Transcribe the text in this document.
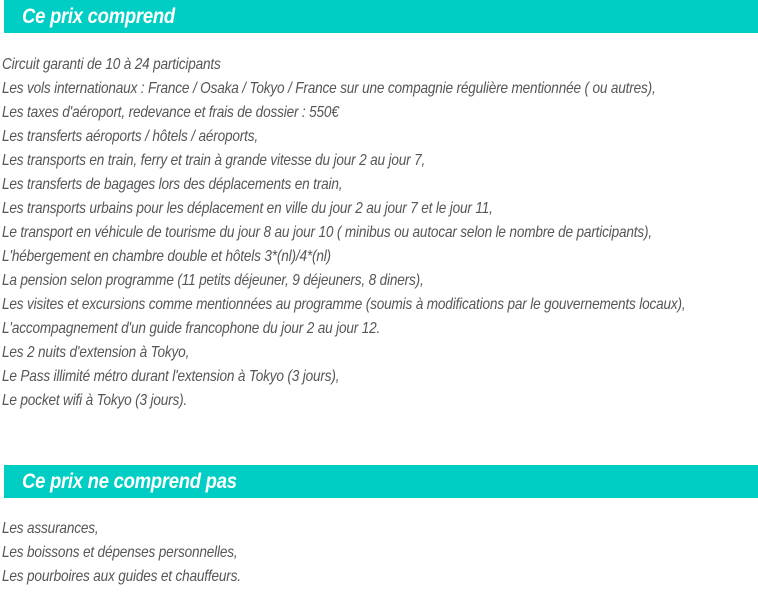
Ce prix comprend
Circuit garanti de 10 à 24 participants
Les vols internationaux : France / Osaka / Tokyo / France sur une compagnie régulière mentionnée ( ou autres),
Les taxes d'aéroport, redevance et frais de dossier : 550€
Les transferts aéroports / hôtels / aéroports,
Les transports en train, ferry et train à grande vitesse du jour 2 au jour 7,
Les transferts de bagages lors des déplacements en train,
Les transports urbains pour les déplacement en ville du jour 2 au jour 7 et le jour 11,
Le transport en véhicule de tourisme du jour 8 au jour 10 ( minibus ou autocar selon le nombre de participants),
L'hébergement en chambre double et hôtels 3*(nl)/4*(nl)
La pension selon programme (11 petits déjeuner, 9 déjeuners, 8 diners),
Les visites et excursions comme mentionnées au programme (soumis à modifications par le gouvernements locaux),
L'accompagnement d'un guide francophone du jour 2 au jour 12.
Les 2 nuits d'extension à Tokyo,
Le Pass illimité métro durant l'extension à Tokyo (3 jours),
Le pocket wifi à Tokyo (3 jours).
Ce prix ne comprend pas
Les assurances,
Les boissons et dépenses personnelles,
Les pourboires aux guides et chauffeurs.
